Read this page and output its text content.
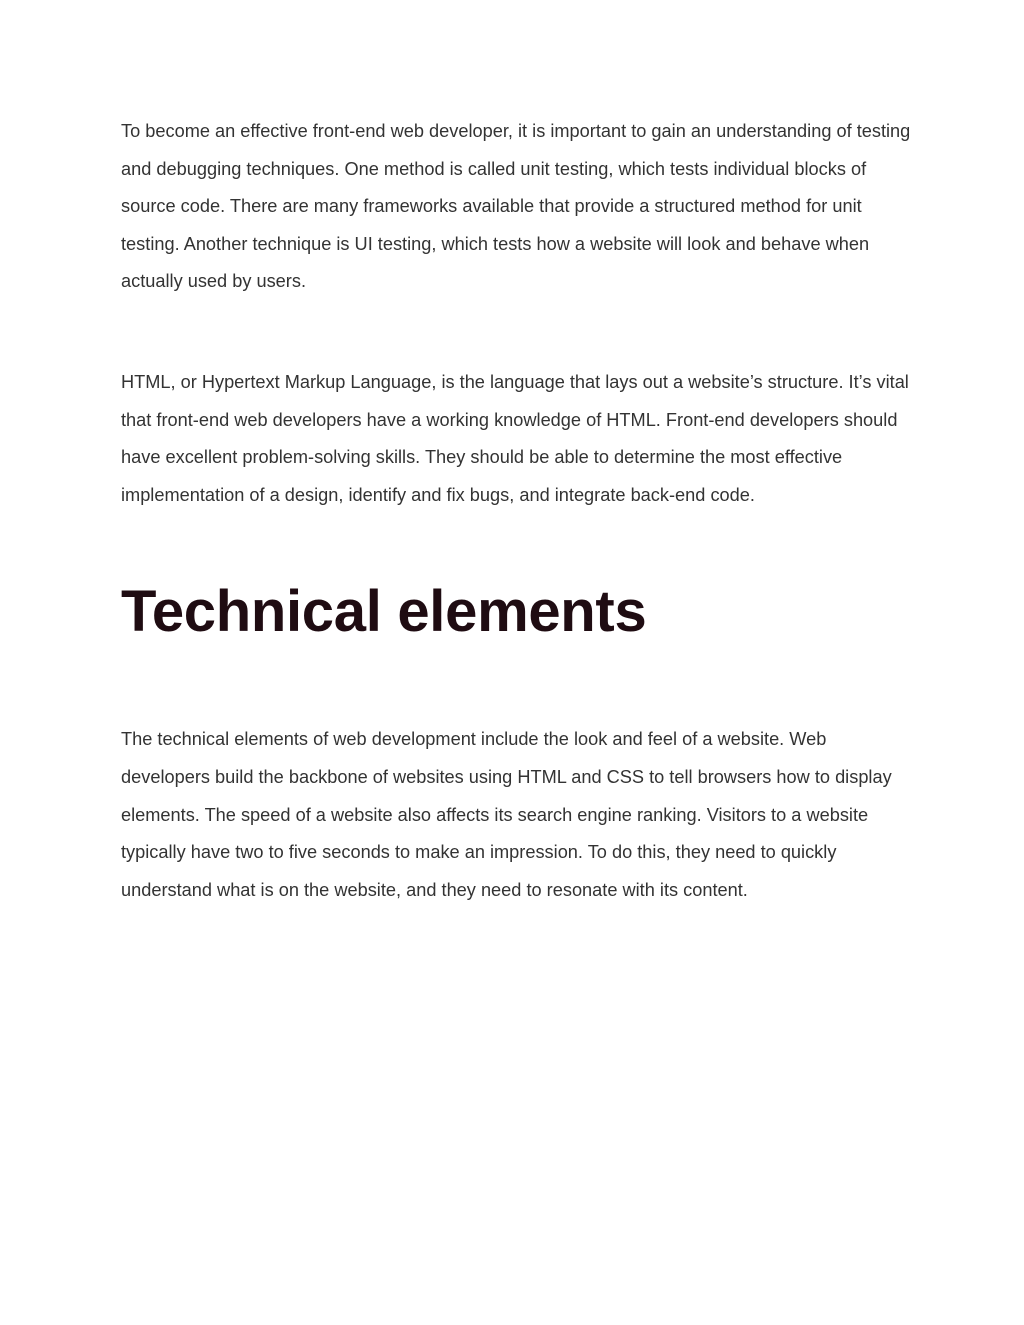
To become an effective front-end web developer, it is important to gain an understanding of testing and debugging techniques. One method is called unit testing, which tests individual blocks of source code. There are many frameworks available that provide a structured method for unit testing. Another technique is UI testing, which tests how a website will look and behave when actually used by users.

HTML, or Hypertext Markup Language, is the language that lays out a website’s structure. It’s vital that front-end web developers have a working knowledge of HTML. Front-end developers should have excellent problem-solving skills. They should be able to determine the most effective implementation of a design, identify and fix bugs, and integrate back-end code.

Technical elements

The technical elements of web development include the look and feel of a website. Web developers build the backbone of websites using HTML and CSS to tell browsers how to display elements. The speed of a website also affects its search engine ranking. Visitors to a website typically have two to five seconds to make an impression. To do this, they need to quickly understand what is on the website, and they need to resonate with its content.
